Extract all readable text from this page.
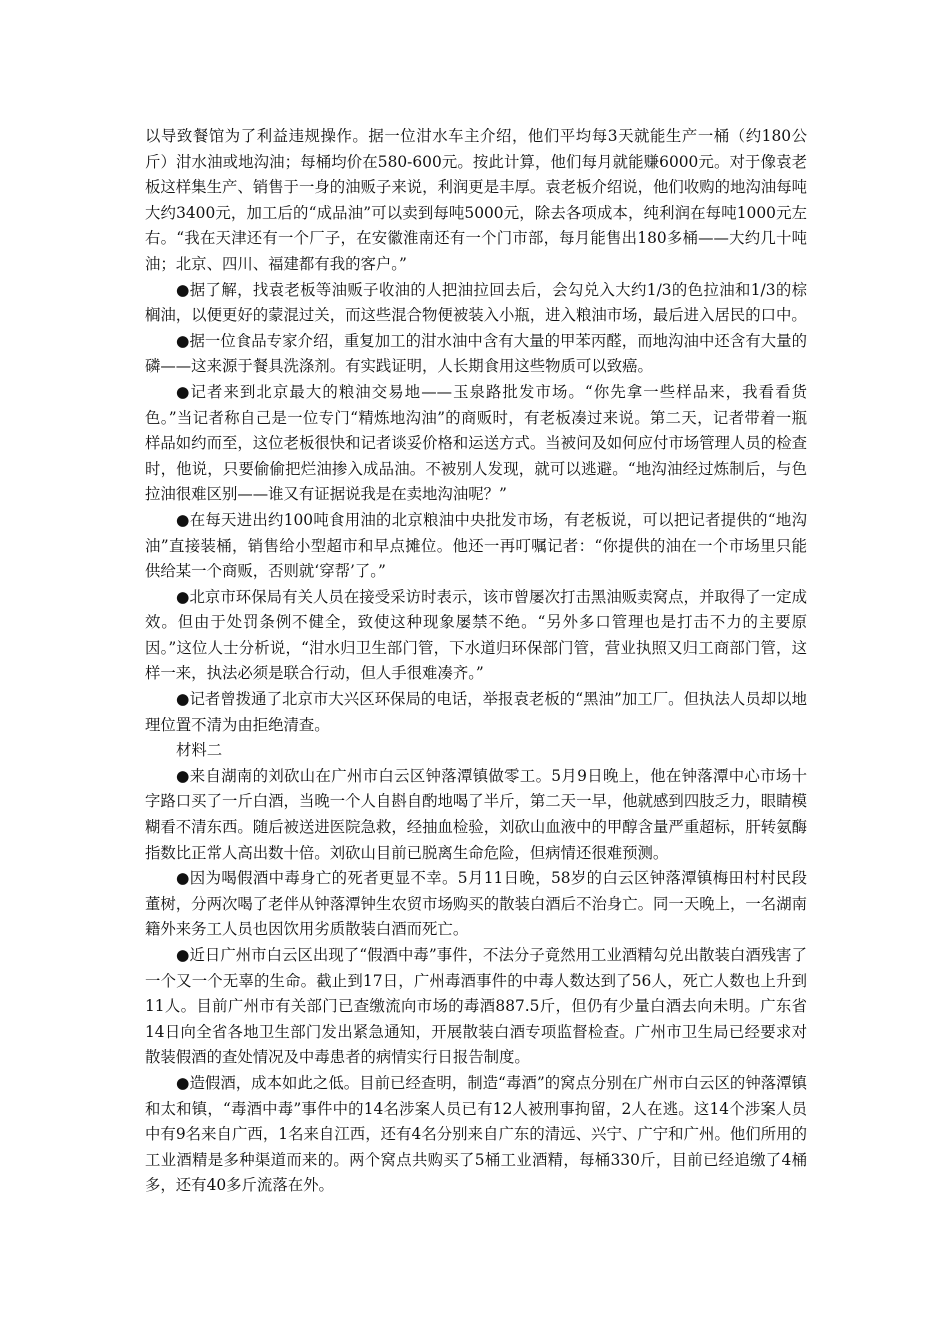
以导致餐馆为了利益违规操作。据一位泔水车主介绍，他们平均每3天就能生产一桶（约180公斤）泔水油或地沟油；每桶均价在580-600元。按此计算，他们每月就能赚6000元。对于像袁老板这样集生产、销售于一身的油贩子来说，利润更是丰厚。袁老板介绍说，他们收购的地沟油每吨大约3400元，加工后的“成品油”可以卖到每吨5000元，除去各项成本，纯利润在每吨1000元左右。“我在天津还有一个厂子，在安徽淮南还有一个门市部，每月能售出180多桶——大约几十吨油；北京、四川、福建都有我的客户。”

●据了解，找袁老板等油贩子收油的人把油拉回去后，会勾兑入大约1/3的色拉油和1/3的棕榈油，以便更好的蒙混过关，而这些混合物便被装入小瓶，进入粮油市场，最后进入居民的口中。

●据一位食品专家介绍，重复加工的泔水油中含有大量的甲苯丙醛，而地沟油中还含有大量的磷——这来源于餐具洗涤剂。有实践证明，人长期食用这些物质可以致癌。

●记者来到北京最大的粮油交易地——玉泉路批发市场。“你先拿一些样品来，我看看货色。”当记者称自己是一位专门“精炼地沟油”的商贩时，有老板凑过来说。第二天，记者带着一瓶样品如约而至，这位老板很快和记者谈妥价格和运送方式。当被问及如何应付市场管理人员的检查时，他说，只要偷偷把烂油掺入成品油。不被别人发现，就可以逃避。“地沟油经过炼制后，与色拉油很难区别——谁又有证据说我是在卖地沟油呢？”

●在每天进出约100吨食用油的北京粮油中央批发市场，有老板说，可以把记者提供的“地沟油”直接装桶，销售给小型超市和早点摊位。他还一再叮嘱记者：“你提供的油在一个市场里只能供给某一个商贩，否则就‘穿帮’了。”

●北京市环保局有关人员在接受采访时表示，该市曾屡次打击黑油贩卖窝点，并取得了一定成效。但由于处罚条例不健全，致使这种现象屡禁不绝。“另外多口管理也是打击不力的主要原因。”这位人士分析说，“泔水归卫生部门管，下水道归环保部门管，营业执照又归工商部门管，这样一来，执法必须是联合行动，但人手很难凑齐。”

●记者曾拨通了北京市大兴区环保局的电话，举报袁老板的“黑油”加工厂。但执法人员却以地理位置不清为由拒绝清查。

材料二

●来自湖南的刘砍山在广州市白云区钟落潭镇做零工。5月9日晚上，他在钟落潭中心市场十字路口买了一斤白酒，当晚一个人自斟自酌地喝了半斤，第二天一早，他就感到四肢乏力，眼睛模糊看不清东西。随后被送进医院急救，经抽血检验，刘砍山血液中的甲醇含量严重超标，肝转氨酶指数比正常人高出数十倍。刘砍山目前已脱离生命危险，但病情还很难预测。

●因为喝假酒中毒身亡的死者更显不幸。5月11日晚，58岁的白云区钟落潭镇梅田村村民段董树，分两次喝了老伴从钟落潭钟生农贸市场购买的散装白酒后不治身亡。同一天晚上，一名湖南籍外来务工人员也因饮用劣质散装白酒而死亡。

●近日广州市白云区出现了“假酒中毒”事件，不法分子竟然用工业酒精勾兑出散装白酒残害了一个又一个无辜的生命。截止到17日，广州毒酒事件的中毒人数达到了56人，死亡人数也上升到11人。目前广州市有关部门已查缴流向市场的毒酒887.5斤，但仍有少量白酒去向未明。广东省14日向全省各地卫生部门发出紧急通知，开展散装白酒专项监督检查。广州市卫生局已经要求对散装假酒的查处情况及中毒患者的病情实行日报告制度。

●造假酒，成本如此之低。目前已经查明，制造“毒酒”的窝点分别在广州市白云区的钟落潭镇和太和镇，“毒酒中毒”事件中的14名涉案人员已有12人被刑事拘留，2人在逃。这14个涉案人员中有9名来自广西，1名来自江西，还有4名分别来自广东的清远、兴宁、广宁和广州。他们所用的工业酒精是多种渠道而来的。两个窝点共购买了5桶工业酒精，每桶330斤，目前已经追缴了4桶多，还有40多斤流落在外。
